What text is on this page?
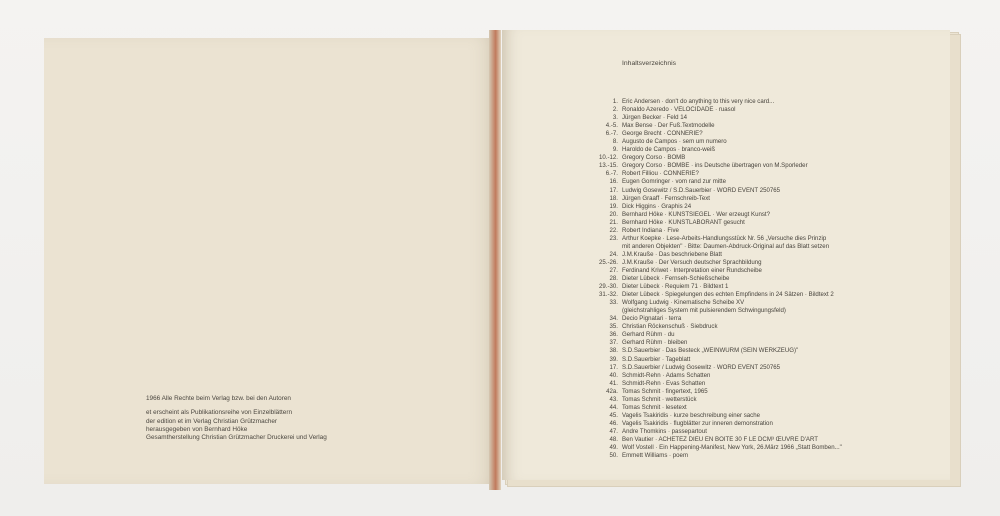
1966 Alle Rechte beim Verlag bzw. bei den Autoren
et erscheint als Publikationsreihe von Einzelblättern
der edition et im Verlag Christian Grützmacher
herausgegeben von Bernhard Höke
Gesamtherstellung Christian Grützmacher Druckerei und Verlag
Inhaltsverzeichnis
1. Eric Andersen · don't do anything to this very nice card...
2. Ronaldo Azeredo · VELOCIDADE · ruasol
3. Jürgen Becker · Feld 14
4.-5. Max Bense · Der Fuß.Textmodelle
6.-7. George Brecht · CONNERIE?
8. Augusto de Campos · sem um numero
9. Haroldo de Campos · branco-weiß
10.-12. Gregory Corso · BOMB
13.-15. Gregory Corso · BOMBE · ins Deutsche übertragen von M.Sporleder
6.-7. Robert Filliou · CONNERIE?
16. Eugen Gomringer · vom rand zur mitte
17. Ludwig Gosewitz / S.D.Sauerbier · WORD EVENT 250765
18. Jürgen Graaff · Fernschreib-Text
19. Dick Higgins · Graphis 24
20. Bernhard Höke · KUNSTSIEGEL · Wer erzeugt Kunst?
21. Bernhard Höke · KUNSTLABORANT gesucht
22. Robert Indiana · Five
23. Arthur Koepke · Lese-Arbeits-Handlungsstück Nr. 56 „Versuche dies Prinzip
mit anderen Objekten" · Bitte: Daumen-Abdruck-Original auf das Blatt setzen
24. J.M.Krauße · Das beschriebene Blatt
25.-26. J.M.Krauße · Der Versuch deutscher Sprachbildung
27. Ferdinand Kriwet · Interpretation einer Rundscheibe
28. Dieter Lübeck · Fernseh-Schießscheibe
29.-30. Dieter Lübeck · Requiem 71 · Bildtext 1
31.-32. Dieter Lübeck · Spiegelungen des echten Empfindens in 24 Sätzen · Bildtext 2
33. Wolfgang Ludwig · Kinematische Scheibe XV
(gleichstrahliges System mit pulsierendem Schwingungsfeld)
34. Decio Pignatari · terra
35. Christian Röckenschuß · Siebdruck
36. Gerhard Rühm · du
37. Gerhard Rühm · bleiben
38. S.D.Sauerbier · Das Besteck „WEINWURM (SEIN WERKZEUG)"
39. S.D.Sauerbier · Tageblatt
17. S.D.Sauerbier / Ludwig Gosewitz · WORD EVENT 250765
40. Schmidt-Rehn · Adams Schatten
41. Schmidt-Rehn · Evas Schatten
42a. Tomas Schmit · fingertext, 1965
43. Tomas Schmit · wetterstück
44. Tomas Schmit · lesetext
45. Vagelis Tsakiridis · kurze beschreibung einer sache
46. Vagelis Tsakiridis · flugblätter zur inneren demonstration
47. Andre Thomkins · passepartout
48. Ben Vautier · ACHETEZ DIEU EN BOITE 30 F LE DCM³ ŒUVRE D'ART
49. Wolf Vostell · Ein Happening-Manifest, New York, 26.März 1966 „Statt Bomben..."
50. Emmett Williams · poem
